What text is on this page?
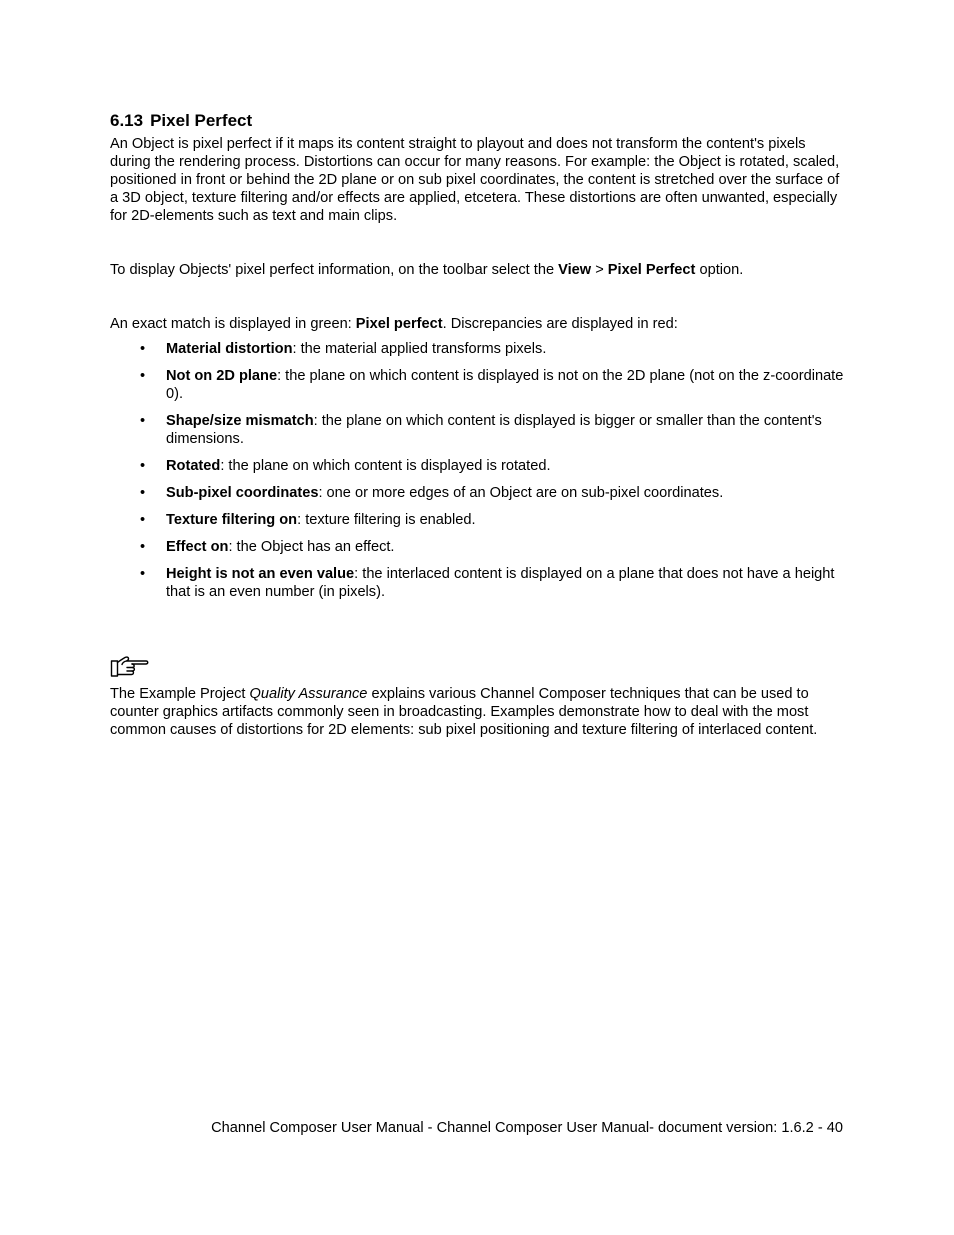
6.13 Pixel Perfect

An Object is pixel perfect if it maps its content straight to playout and does not transform the content's pixels during the rendering process. Distortions can occur for many reasons. For example: the Object is rotated, scaled, positioned in front or behind the 2D plane or on sub pixel coordinates, the content is stretched over the surface of a 3D object, texture filtering and/or effects are applied, etcetera. These distortions are often unwanted, especially for 2D-elements such as text and main clips.

To display Objects' pixel perfect information, on the toolbar select the View > Pixel Perfect option.

An exact match is displayed in green: Pixel perfect. Discrepancies are displayed in red:

• Material distortion: the material applied transforms pixels.
• Not on 2D plane: the plane on which content is displayed is not on the 2D plane (not on the z-coordinate 0).
• Shape/size mismatch: the plane on which content is displayed is bigger or smaller than the content's dimensions.
• Rotated: the plane on which content is displayed is rotated.
• Sub-pixel coordinates: one or more edges of an Object are on sub-pixel coordinates.
• Texture filtering on: texture filtering is enabled.
• Effect on: the Object has an effect.
• Height is not an even value: the interlaced content is displayed on a plane that does not have a height that is an even number (in pixels).

The Example Project Quality Assurance explains various Channel Composer techniques that can be used to counter graphics artifacts commonly seen in broadcasting. Examples demonstrate how to deal with the most common causes of distortions for 2D elements: sub pixel positioning and texture filtering of interlaced content.

Channel Composer User Manual - Channel Composer User Manual- document version: 1.6.2 - 40
